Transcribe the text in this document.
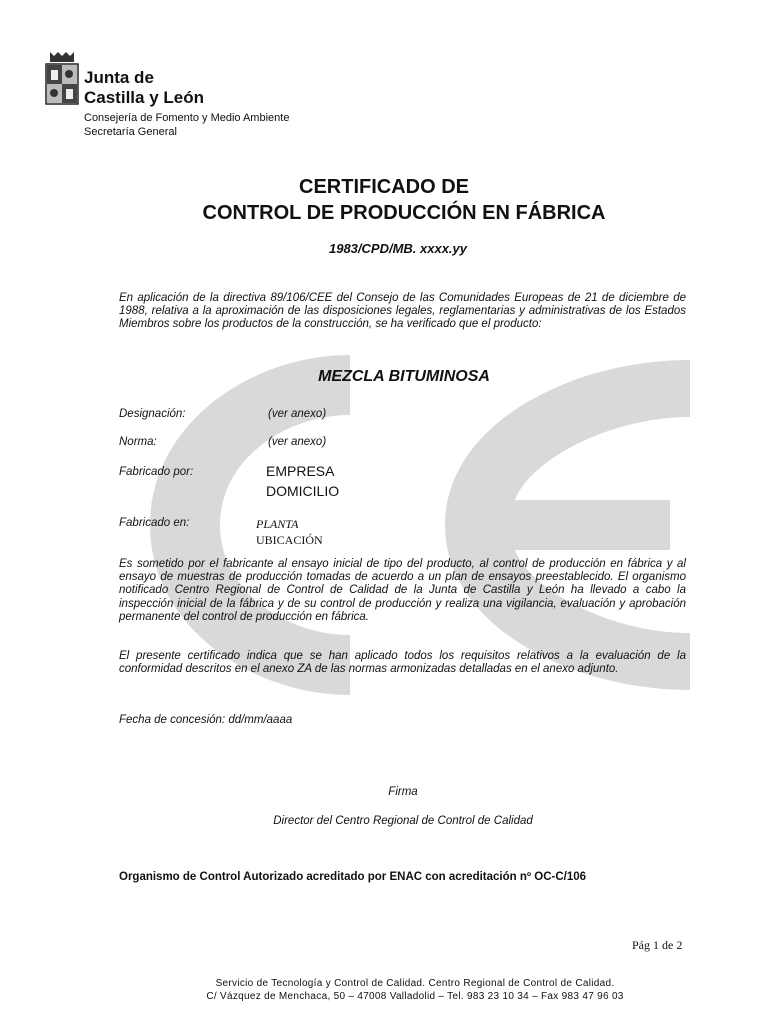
Junta de
Castilla y León
Consejería de Fomento y Medio Ambiente
Secretaría General
CERTIFICADO DE
CONTROL DE PRODUCCIÓN EN FÁBRICA
1983/CPD/MB. xxxx.yy
En aplicación de la directiva 89/106/CEE del Consejo de las Comunidades Europeas de 21 de diciembre de 1988, relativa a la aproximación de las disposiciones legales, reglamentarias y administrativas de los Estados Miembros sobre los productos de la construcción, se ha verificado que el producto:
MEZCLA BITUMINOSA
Designación:	(ver anexo)
Norma:	(ver anexo)
Fabricado por:	EMPRESA
DOMICILIO
Fabricado en:	PLANTA
UBICACIÓN
Es sometido por el fabricante al ensayo inicial de tipo del producto, al control de producción en fábrica y al ensayo de muestras de producción tomadas de acuerdo a un plan de ensayos preestablecido. El organismo notificado Centro Regional de Control de Calidad de la Junta de Castilla y León ha llevado a cabo la inspección inicial de la fábrica y de su control de producción y realiza una vigilancia, evaluación y aprobación permanente del control de producción en fábrica.
El presente certificado indica que se han aplicado todos los requisitos relativos a la evaluación de la conformidad descritos en el anexo ZA de las normas armonizadas detalladas en el anexo adjunto.
Fecha de concesión: dd/mm/aaaa
Firma
Director del Centro Regional de Control de Calidad
Organismo de Control Autorizado acreditado por ENAC con acreditación nº OC-C/106
Pág 1 de 2
Servicio de Tecnología y Control de Calidad. Centro Regional de Control de Calidad.
C/ Vázquez de Menchaca, 50 – 47008 Valladolid – Tel. 983 23 10 34 – Fax 983 47 96 03
